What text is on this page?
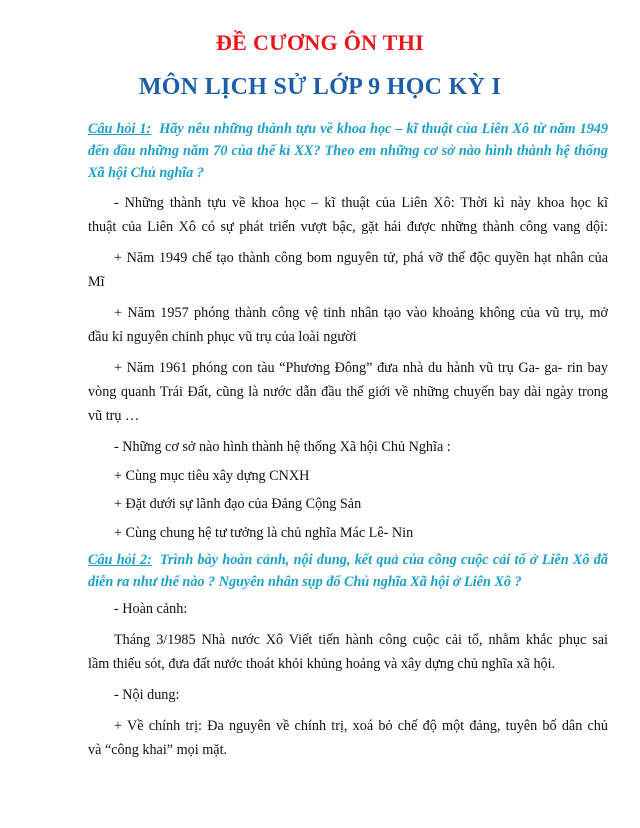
ĐỀ CƯƠNG ÔN THI
MÔN LỊCH SỬ LỚP 9 HỌC KỲ I
Câu hỏi 1: Hãy nêu những thành tựu về khoa học – kĩ thuật của Liên Xô từ năm 1949 đến đầu những năm 70 của thế kỉ XX? Theo em những cơ sở nào hình thành hệ thống Xã hội Chủ nghĩa ?
- Những thành tựu về khoa học – kĩ thuật của Liên Xô: Thời kì này khoa học kĩ
thuật của Liên Xô có sự phát triển vượt bậc, gặt hái được những thành công vang dội:
+ Năm 1949 chế tạo thành công bom nguyên tử, phá vỡ thế độc quyền hạt nhân của
Mĩ
+ Năm 1957 phóng thành công vệ tinh nhân tạo vào khoảng không của vũ trụ, mở
đầu kỉ nguyên chinh phục vũ trụ của loài người
+ Năm 1961 phóng con tàu “Phương Đông” đưa nhà du hành vũ trụ Ga- ga- rin bay
vòng quanh Trái Đất, cũng là nước dẫn đầu thế giới về những chuyến bay dài ngày trong
vũ trụ …
- Những cơ sở nào hình thành hệ thống Xã hội Chủ Nghĩa :
+ Cùng mục tiêu xây dựng CNXH
+ Đặt dưới sự lãnh đạo của Đảng Cộng Sản
+ Cùng chung hệ tư tưởng là chủ nghĩa Mác Lê- Nin
Câu hỏi 2: Trình bày hoàn cảnh, nội dung, kết quả của công cuộc cải tổ ở Liên Xô đã diễn ra như thế nào ? Nguyên nhân sụp đổ Chủ nghĩa Xã hội ở Liên Xô ?
- Hoàn cảnh:
Tháng 3/1985 Nhà nước Xô Viết tiến hành công cuộc cải tổ, nhằm khắc phục sai
lầm thiếu sót, đưa đất nước thoát khỏi khủng hoảng và xây dựng chủ nghĩa xã hội.
- Nội dung:
+ Về chính trị: Đa nguyên về chính trị, xoá bỏ chế độ một đảng, tuyên bố dân chủ
và “công khai” mọi mặt.
